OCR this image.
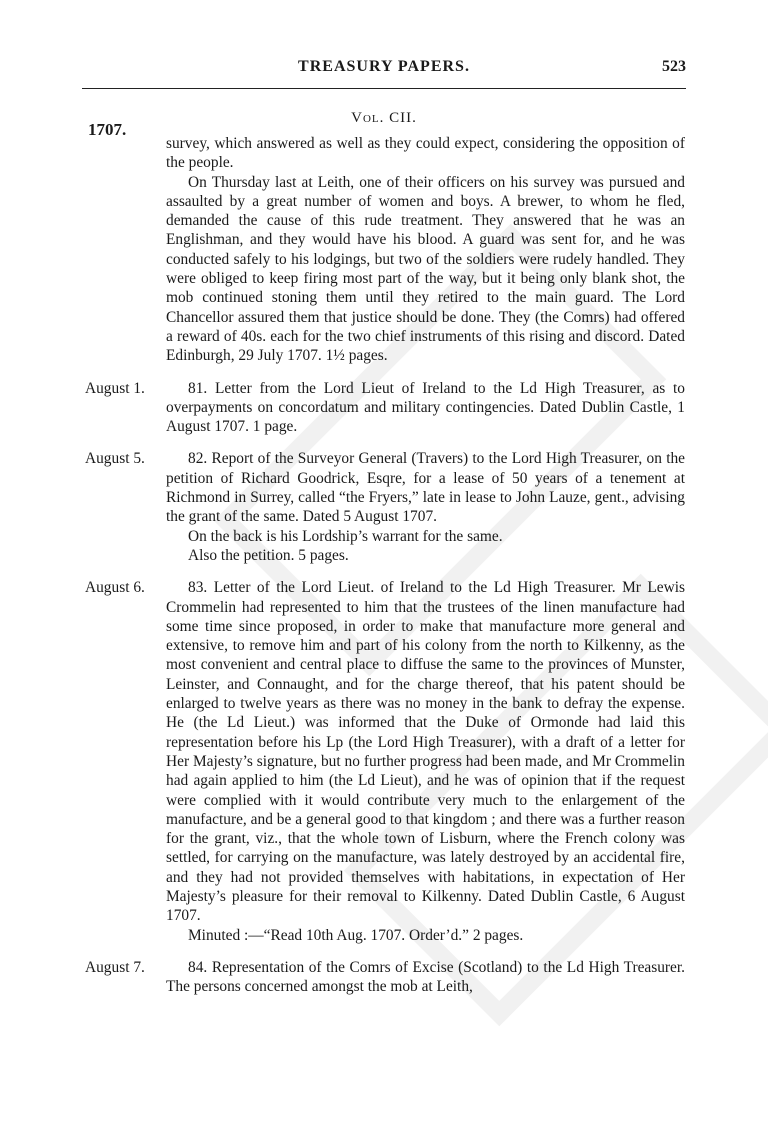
TREASURY PAPERS.	523
Vol. CII.
1707.

survey, which answered as well as they could expect, considering the opposition of the people.

On Thursday last at Leith, one of their officers on his survey was pursued and assaulted by a great number of women and boys. A brewer, to whom he fled, demanded the cause of this rude treatment. They answered that he was an Englishman, and they would have his blood. A guard was sent for, and he was conducted safely to his lodgings, but two of the soldiers were rudely handled. They were obliged to keep firing most part of the way, but it being only blank shot, the mob continued stoning them until they retired to the main guard. The Lord Chancellor assured them that justice should be done. They (the Comrs) had offered a reward of 40s. each for the two chief instruments of this rising and discord. Dated Edinburgh, 29 July 1707. 1½ pages.

August 1.	81. Letter from the Lord Lieut of Ireland to the Ld High Treasurer, as to overpayments on concordatum and military contingencies. Dated Dublin Castle, 1 August 1707. 1 page.

August 5.	82. Report of the Surveyor General (Travers) to the Lord High Treasurer, on the petition of Richard Goodrick, Esqre, for a lease of 50 years of a tenement at Richmond in Surrey, called “the Fryers,” late in lease to John Lauze, gent., advising the grant of the same. Dated 5 August 1707.

On the back is his Lordship’s warrant for the same.

Also the petition. 5 pages.

August 6.	83. Letter of the Lord Lieut. of Ireland to the Ld High Treasurer. Mr Lewis Crommelin had represented to him that the trustees of the linen manufacture had some time since proposed, in order to make that manufacture more general and extensive, to remove him and part of his colony from the north to Kilkenny, as the most convenient and central place to diffuse the same to the provinces of Munster, Leinster, and Connaught, and for the charge thereof, that his patent should be enlarged to twelve years as there was no money in the bank to defray the expense. He (the Ld Lieut.) was informed that the Duke of Ormonde had laid this representation before his Lp (the Lord High Treasurer), with a draft of a letter for Her Majesty’s signature, but no further progress had been made, and Mr Crommelin had again applied to him (the Ld Lieut), and he was of opinion that if the request were complied with it would contribute very much to the enlargement of the manufacture, and be a general good to that kingdom ; and there was a further reason for the grant, viz., that the whole town of Lisburn, where the French colony was settled, for carrying on the manufacture, was lately destroyed by an accidental fire, and they had not provided themselves with habitations, in expectation of Her Majesty’s pleasure for their removal to Kilkenny. Dated Dublin Castle, 6 August 1707.

Minuted :—“Read 10th Aug. 1707. Order’d.” 2 pages.

August 7.	84. Representation of the Comrs of Excise (Scotland) to the Ld High Treasurer. The persons concerned amongst the mob at Leith,
